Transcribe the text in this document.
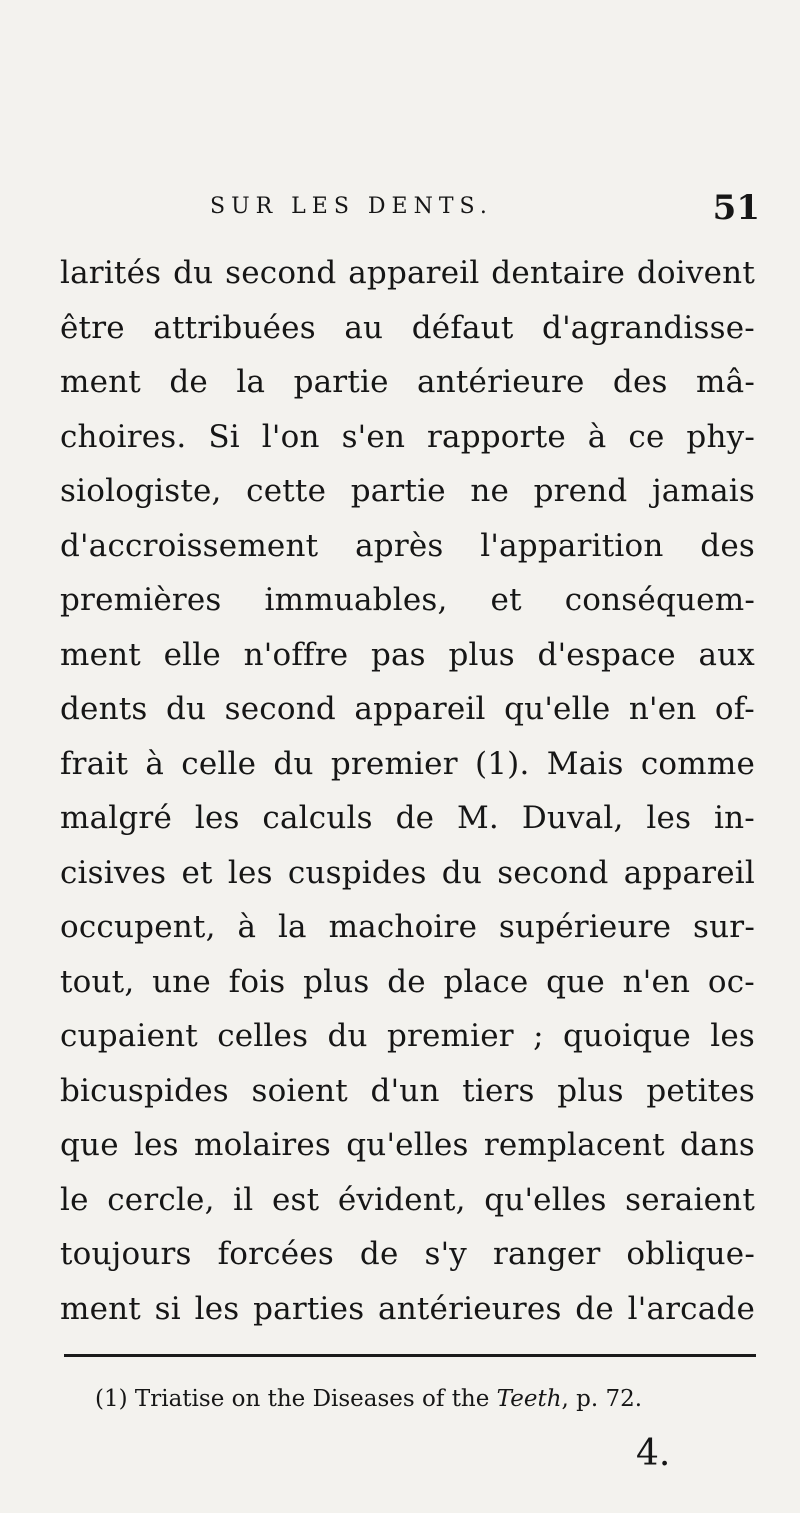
SUR LES DENTS.	51
larités du second appareil dentaire doivent
être attribuées au défaut d'agrandisse-
ment de la partie antérieure des mâ-
choires. Si l'on s'en rapporte à ce phy-
siologiste, cette partie ne prend jamais
d'accroissement après l'apparition des
premières immuables, et conséquem-
ment elle n'offre pas plus d'espace aux
dents du second appareil qu'elle n'en of-
frait à celle du premier (1). Mais comme
malgré les calculs de M. Duval, les in-
cisives et les cuspides du second appareil
occupent, à la machoire supérieure sur-
tout, une fois plus de place que n'en oc-
cupaient celles du premier ; quoique les
bicuspides soient d'un tiers plus petites
que les molaires qu'elles remplacent dans
le cercle, il est évident, qu'elles seraient
toujours forcées de s'y ranger oblique-
ment si les parties antérieures de l'arcade
(1) Triatise on the Diseases of the Teeth, p. 72.
4.
